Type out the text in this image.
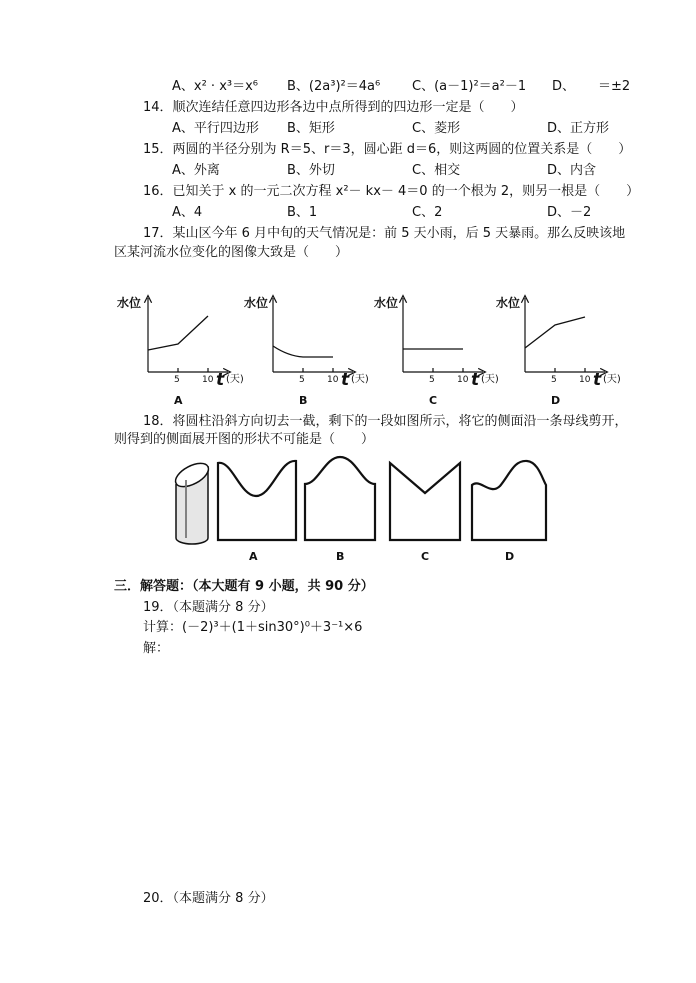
A、x² · x³＝x⁶ B、(2a³)²＝4a⁶ C、(a－1)²＝a²－1 D、 ＝±2
14．顺次连结任意四边形各边中点所得到的四边形一定是（　　）
A、平行四边形 B、矩形	C、菱形	D、正方形
15．两圆的半径分别为 R＝5、r＝3，圆心距 d＝6，则这两圆的位置关系是（　　）
A、外离	B、外切	C、相交	D、内含
16．已知关于 x 的一元二次方程 x²－ kx－ 4＝0 的一个根为 2，则另一根是（　　）
A、4	B、1	C、2	D、－2
17．某山区今年 6 月中旬的天气情况是：前 5 天小雨，后 5 天暴雨。那么反映该地
区某河流水位变化的图像大致是（　　）
水位
5 10 t (天)
A
水位
5 10 t (天)
B
水位
5 10 t (天)
C
水位
5 10 t (天)
D
18．将圆柱沿斜方向切去一截，剩下的一段如图所示，将它的侧面沿一条母线剪开，
则得到的侧面展开图的形状不可能是（　　）
A	B	C	D
三．解答题：（本大题有 9 小题，共 90 分）
19．（本题满分 8 分）
计算：(－2)³＋(1＋sin30°)⁰＋3⁻¹×6
解：
20．（本题满分 8 分）
